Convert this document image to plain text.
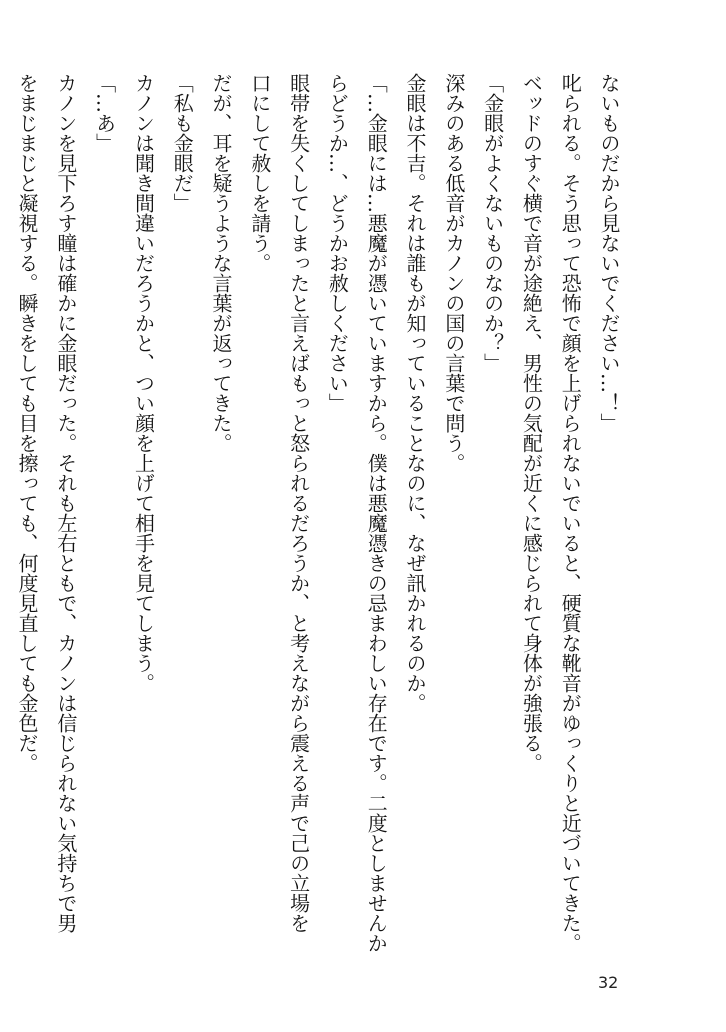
ないものだから見ないでください…！」
叱られる。そう思って恐怖で顔を上げられないでいると、硬質な靴音がゆっくりと近づいてきた。
ベッドのすぐ横で音が途絶え、男性の気配が近くに感じられて身体が強張る。
「金眼がよくないものなのか？」
深みのある低音がカノンの国の言葉で問う。
金眼は不吉。それは誰もが知っていることなのに、なぜ訊かれるのか。
「…金眼には…悪魔が憑いていますから。僕は悪魔憑きの忌まわしい存在です。二度としませんか
らどうか…、どうかお赦しください」
眼帯を失くしてしまったと言えばもっと怒られるだろうか、と考えながら震える声で己の立場を
口にして赦しを請う。
だが、耳を疑うような言葉が返ってきた。
「私も金眼だ」
カノンは聞き間違いだろうかと、つい顔を上げて相手を見てしまう。
「…あ」
カノンを見下ろす瞳は確かに金眼だった。それも左右ともで、カノンは信じられない気持ちで男
をまじまじと凝視する。瞬きをしても目を擦っても、何度見直しても金色だ。
32
